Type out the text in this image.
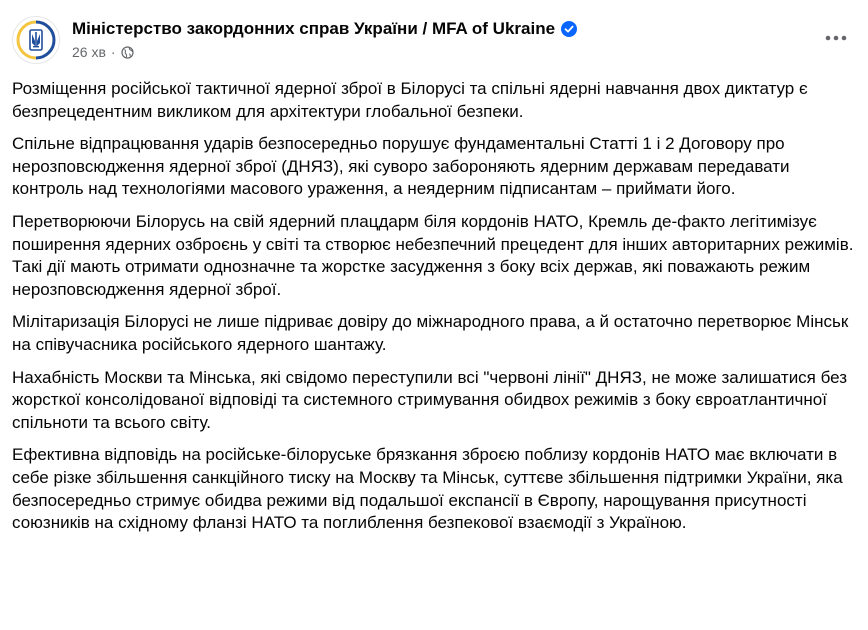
Міністерство закордонних справ України / MFA of Ukraine
26 хв ·

Розміщення російської тактичної ядерної зброї в Білорусі та спільні ядерні навчання двох диктатур є безпрецедентним викликом для архітектури глобальної безпеки.

Спільне відпрацювання ударів безпосередньо порушує фундаментальні Статті 1 і 2 Договору про нерозповсюдження ядерної зброї (ДНЯЗ), які суворо забороняють ядерним державам передавати контроль над технологіями масового ураження, а неядерним підписантам – приймати його.

Перетворюючи Білорусь на свій ядерний плацдарм біля кордонів НАТО, Кремль де-факто легітимізує поширення ядерних озброєнь у світі та створює небезпечний прецедент для інших авторитарних режимів. Такі дії мають отримати однозначне та жорстке засудження з боку всіх держав, які поважають режим нерозповсюдження ядерної зброї.

Мілітаризація Білорусі не лише підриває довіру до міжнародного права, а й остаточно перетворює Мінськ на співучасника російського ядерного шантажу.

Нахабність Москви та Мінська, які свідомо переступили всі "червоні лінії" ДНЯЗ, не може залишатися без жорсткої консолідованої відповіді та системного стримування обидвох режимів з боку євроатлантичної спільноти та всього світу.

Ефективна відповідь на російське-білоруське брязкання зброєю поблизу кордонів НАТО має включати в себе різке збільшення санкційного тиску на Москву та Мінськ, суттєве збільшення підтримки України, яка безпосередньо стримує обидва режими від подальшої експансії в Європу, нарощування присутності союзників на східному фланзі НАТО та поглиблення безпекової взаємодії з Україною.
